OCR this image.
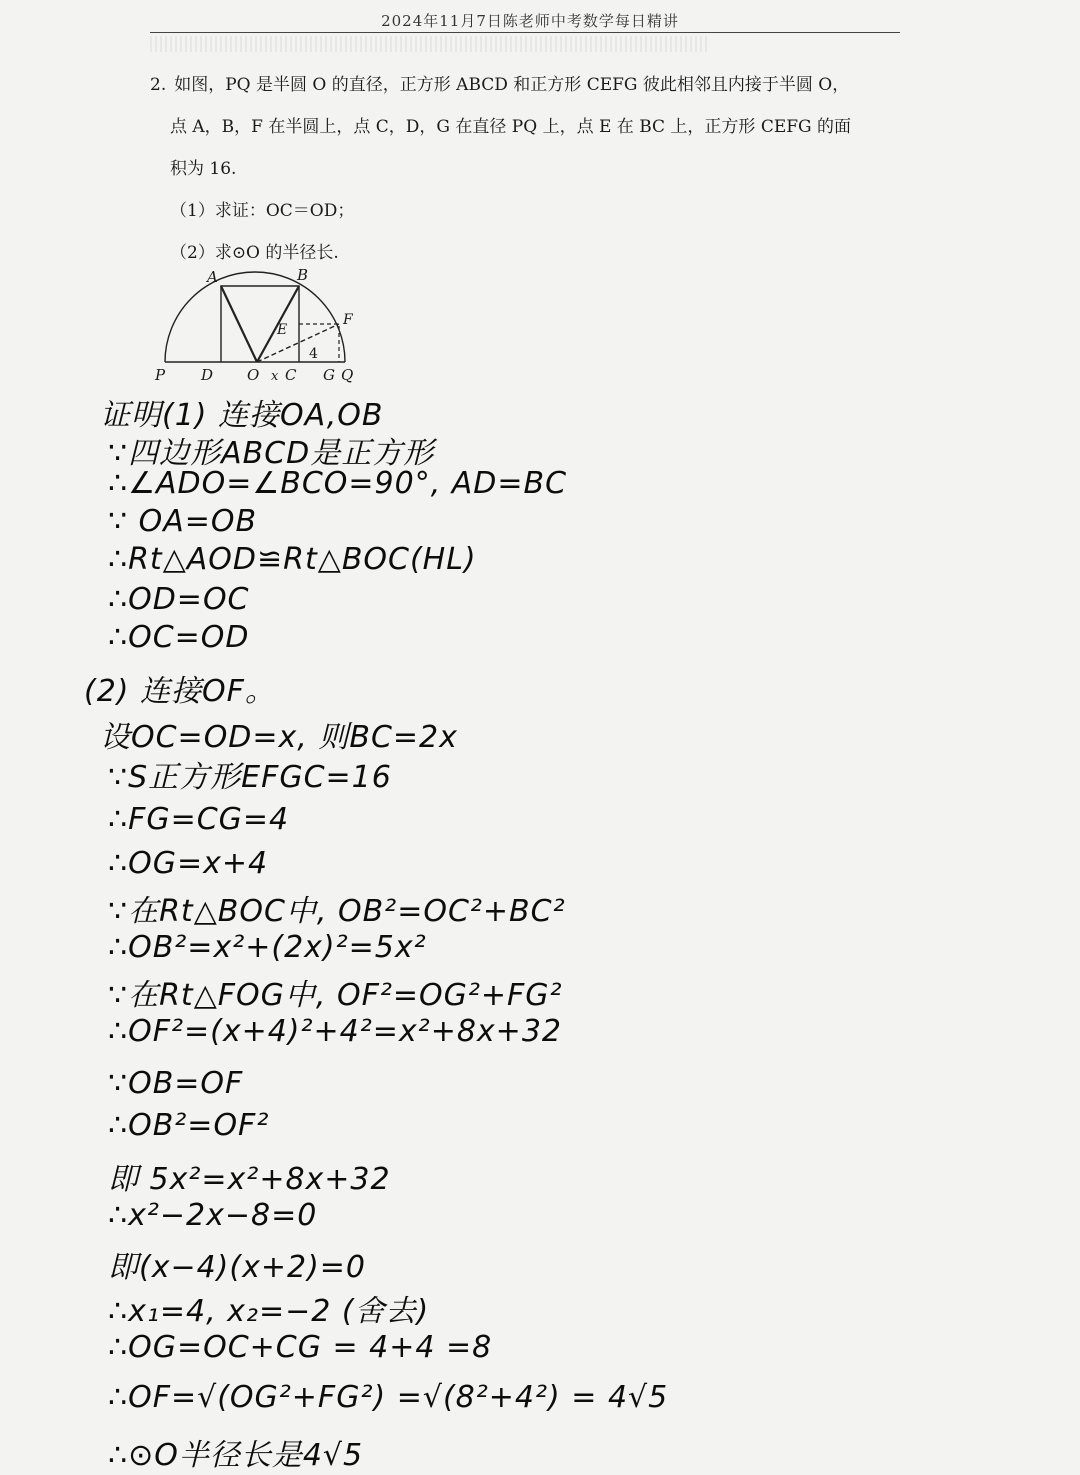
2024年11月7日陈老师中考数学每日精讲
2. 如图，PQ 是半圆 O 的直径，正方形 ABCD 和正方形 CEFG 彼此相邻且内接于半圆 O，
点 A，B，F 在半圆上，点 C，D，G 在直径 PQ 上，点 E 在 BC 上，正方形 CEFG 的面
积为 16.
（1）求证：OC＝OD；
（2）求⊙O 的半径长.
A	B
E
F
P D O x C G Q
4
证明(1) 连接OA,OB
∵四边形ABCD是正方形
∴∠ADO=∠BCO=90°, AD=BC
∵ OA=OB
∴Rt△AOD≌Rt△BOC(HL)
∴OD=OC
∴OC=OD
(2) 连接OF。
设OC=OD=x, 则BC=2x
∵S正方形EFGC=16
∴FG=CG=4
∴OG=x+4
∵在Rt△BOC中, OB²=OC²+BC²
∴OB²=x²+(2x)²=5x²
∵在Rt△FOG中, OF²=OG²+FG²
∴OF²=(x+4)²+4²=x²+8x+32
∵OB=OF
∴OB²=OF²
即 5x²=x²+8x+32
∴x²−2x−8=0
即(x−4)(x+2)=0
∴x₁=4, x₂=−2 (舍去)
∴OG=OC+CG = 4+4 =8
∴OF=√(OG²+FG²) =√(8²+4²) = 4√5
∴⊙O半径长是4√5
